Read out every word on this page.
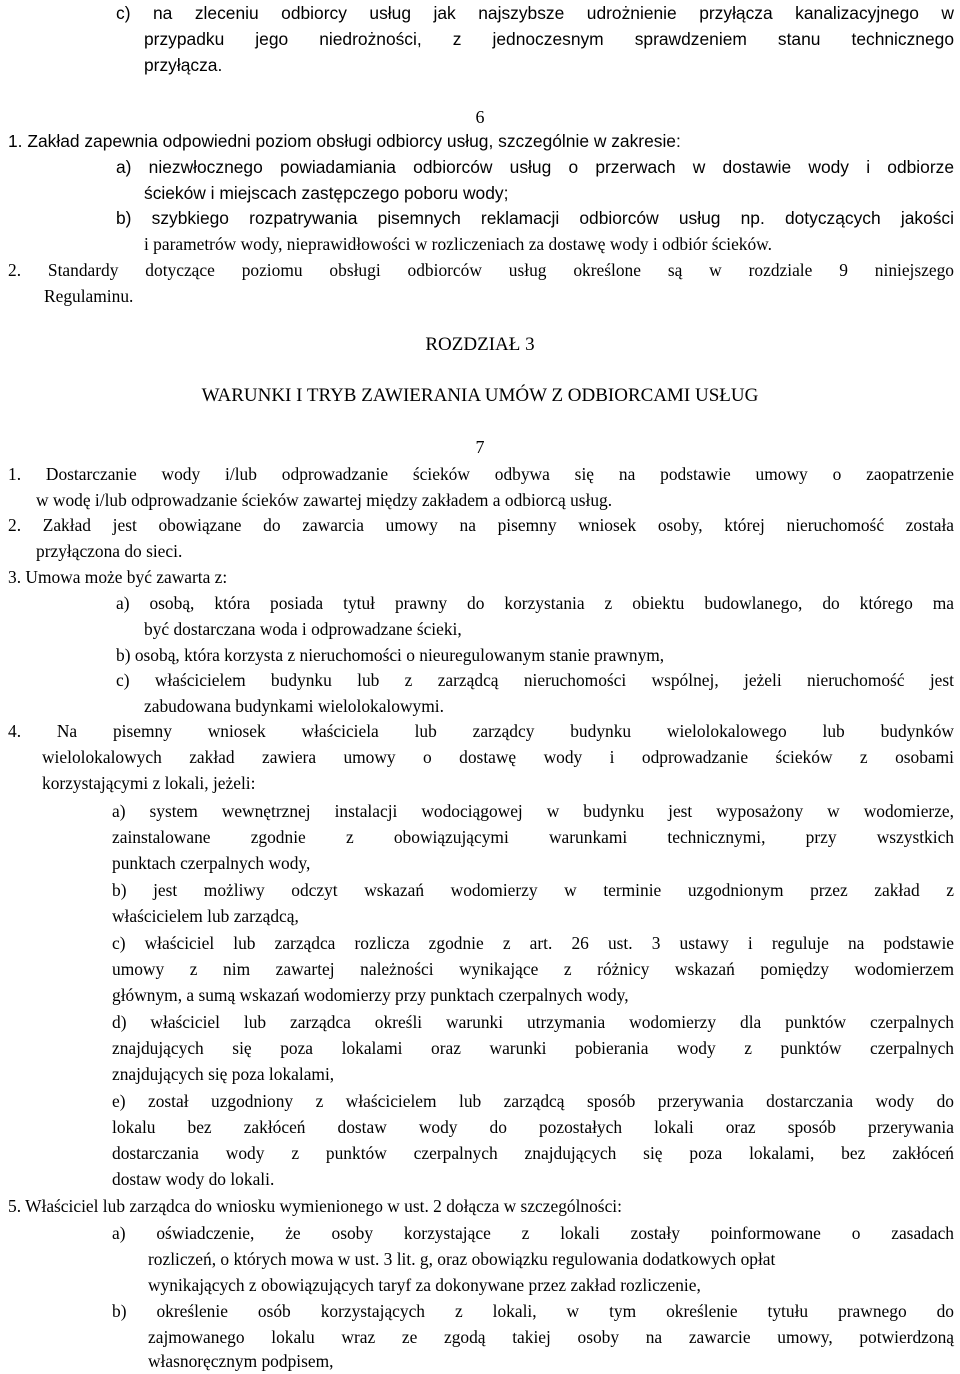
c) na zleceniu odbiorcy usług jak najszybsze udrożnienie przyłącza kanalizacyjnego w
przypadku jego niedrożności, z jednoczesnym sprawdzeniem stanu technicznego
przyłącza.
6
1. Zakład zapewnia odpowiedni poziom obsługi odbiorcy usług, szczególnie w zakresie:
a) niezwłocznego powiadamiania odbiorców usług o przerwach w dostawie wody i odbiorze
ścieków i miejscach zastępczego poboru wody;
b) szybkiego rozpatrywania pisemnych reklamacji odbiorców usług np. dotyczących jakości
i parametrów wody, nieprawidłowości w rozliczeniach za dostawę wody i odbiór ścieków.
2. Standardy dotyczące poziomu obsługi odbiorców usług określone są w rozdziale 9 niniejszego
Regulaminu.
ROZDZIAŁ 3
WARUNKI I TRYB ZAWIERANIA UMÓW Z ODBIORCAMI USŁUG
7
1. Dostarczanie wody i/lub odprowadzanie ścieków odbywa się na podstawie umowy o zaopatrzenie
w wodę i/lub odprowadzanie ścieków zawartej między zakładem a odbiorcą usług.
2. Zakład jest obowiązane do zawarcia umowy na pisemny wniosek osoby, której nieruchomość została
przyłączona do sieci.
3. Umowa może być zawarta z:
a) osobą, która posiada tytuł prawny do korzystania z obiektu budowlanego, do którego ma
być dostarczana woda i odprowadzane ścieki,
b) osobą, która korzysta z nieruchomości o nieuregulowanym stanie prawnym,
c) właścicielem budynku lub z zarządcą nieruchomości wspólnej, jeżeli nieruchomość jest
zabudowana budynkami wielolokalowymi.
4. Na pisemny wniosek właściciela lub zarządcy budynku wielolokalowego lub budynków
wielolokalowych zakład zawiera umowy o dostawę wody i odprowadzanie ścieków z osobami
korzystającymi z lokali, jeżeli:
a) system wewnętrznej instalacji wodociągowej w budynku jest wyposażony w wodomierze,
zainstalowane zgodnie z obowiązującymi warunkami technicznymi, przy wszystkich
punktach czerpalnych wody,
b) jest możliwy odczyt wskazań wodomierzy w terminie uzgodnionym przez zakład z
właścicielem lub zarządcą,
c) właściciel lub zarządca rozlicza zgodnie z art. 26 ust. 3 ustawy i reguluje na podstawie
umowy z nim zawartej należności wynikające z różnicy wskazań pomiędzy wodomierzem
głównym, a sumą wskazań wodomierzy przy punktach czerpalnych wody,
d) właściciel lub zarządca określi warunki utrzymania wodomierzy dla punktów czerpalnych
znajdujących się poza lokalami oraz warunki pobierania wody z punktów czerpalnych
znajdujących się poza lokalami,
e) został uzgodniony z właścicielem lub zarządcą sposób przerywania dostarczania wody do
lokalu bez zakłóceń dostaw wody do pozostałych lokali oraz sposób przerywania
dostarczania wody z punktów czerpalnych znajdujących się poza lokalami, bez zakłóceń
dostaw wody do lokali.
5. Właściciel lub zarządca do wniosku wymienionego w ust. 2 dołącza w szczególności:
a) oświadczenie, że osoby korzystające z lokali zostały poinformowane o zasadach
rozliczeń, o których mowa w ust. 3 lit. g, oraz obowiązku regulowania dodatkowych opłat
wynikających z obowiązujących taryf za dokonywane przez zakład rozliczenie,
b) określenie osób korzystających z lokali, w tym określenie tytułu prawnego do
zajmowanego lokalu wraz ze zgodą takiej osoby na zawarcie umowy, potwierdzoną
własnoręcznym podpisem,
